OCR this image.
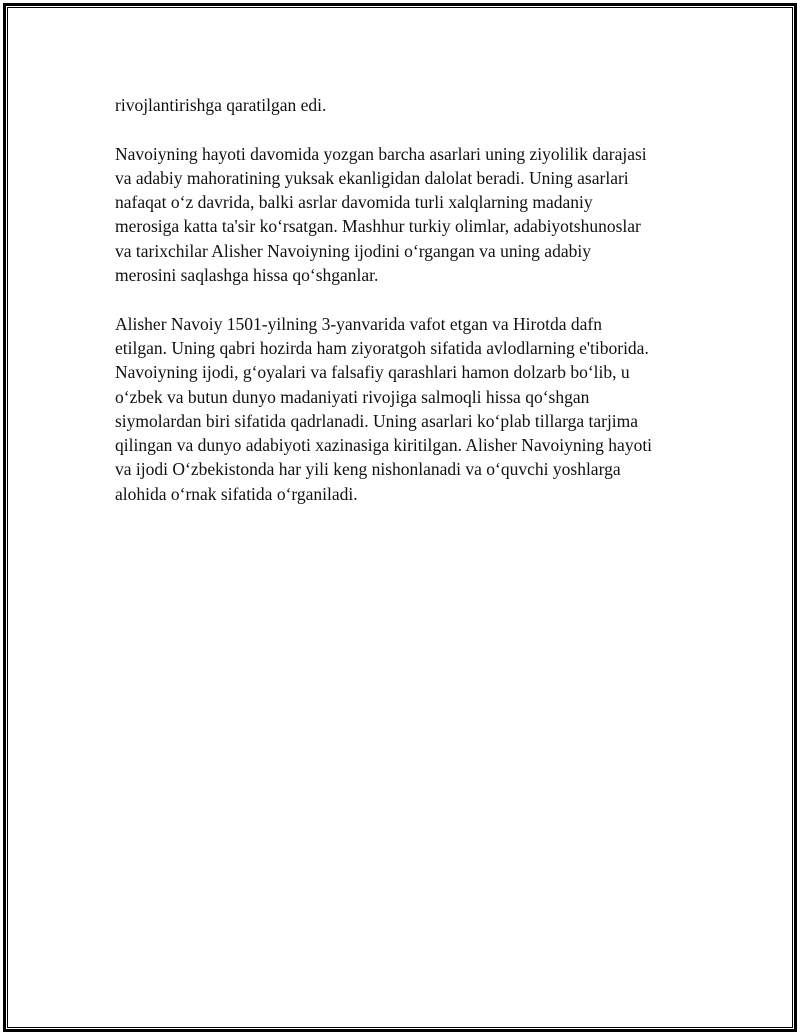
rivojlantirishga qaratilgan edi.

Navoiyning hayoti davomida yozgan barcha asarlari uning ziyolilik darajasi
va adabiy mahoratining yuksak ekanligidan dalolat beradi. Uning asarlari
nafaqat o‘z davrida, balki asrlar davomida turli xalqlarning madaniy
merosiga katta ta'sir ko‘rsatgan. Mashhur turkiy olimlar, adabiyotshunoslar
va tarixchilar Alisher Navoiyning ijodini o‘rgangan va uning adabiy
merosini saqlashga hissa qo‘shganlar.

Alisher Navoiy 1501-yilning 3-yanvarida vafot etgan va Hirotda dafn
etilgan. Uning qabri hozirda ham ziyoratgoh sifatida avlodlarning e'tiborida.
Navoiyning ijodi, g‘oyalari va falsafiy qarashlari hamon dolzarb bo‘lib, u
o‘zbek va butun dunyo madaniyati rivojiga salmoqli hissa qo‘shgan
siymolardan biri sifatida qadrlanadi. Uning asarlari ko‘plab tillarga tarjima
qilingan va dunyo adabiyoti xazinasiga kiritilgan. Alisher Navoiyning hayoti
va ijodi O‘zbekistonda har yili keng nishonlanadi va o‘quvchi yoshlarga
alohida o‘rnak sifatida o‘rganiladi.
